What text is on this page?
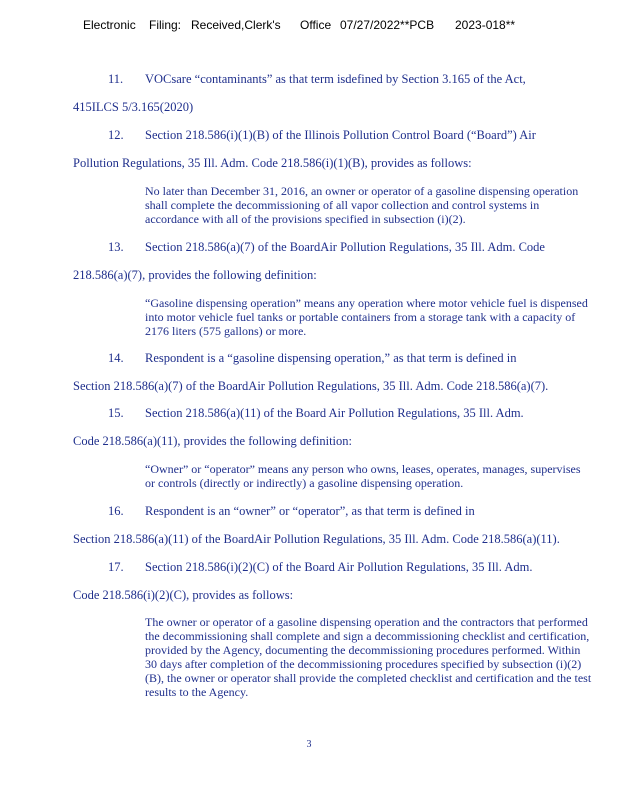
Electronic Filing: Received,Clerk's Office 07/27/2022**PCB 2023-018**
11. VOCsare “contaminants” as that term isdefined by Section 3.165 of the Act,
415ILCS 5/3.165(2020)
12. Section 218.586(i)(1)(B) of the Illinois Pollution Control Board (“Board”) Air
Pollution Regulations, 35 Ill. Adm. Code 218.586(i)(1)(B), provides as follows:
No later than December 31, 2016, an owner or operator of a gasoline dispensing operation shall complete the decommissioning of all vapor collection and control systems in accordance with all of the provisions specified in subsection (i)(2).
13. Section 218.586(a)(7) of the BoardAir Pollution Regulations, 35 Ill. Adm. Code
218.586(a)(7), provides the following definition:
“Gasoline dispensing operation” means any operation where motor vehicle fuel is dispensed into motor vehicle fuel tanks or portable containers from a storage tank with a capacity of 2176 liters (575 gallons) or more.
14. Respondent is a “gasoline dispensing operation,” as that term is defined in
Section 218.586(a)(7) of the BoardAir Pollution Regulations, 35 Ill. Adm. Code 218.586(a)(7).
15. Section 218.586(a)(11) of the Board Air Pollution Regulations, 35 Ill. Adm.
Code 218.586(a)(11), provides the following definition:
“Owner” or “operator” means any person who owns, leases, operates, manages, supervises or controls (directly or indirectly) a gasoline dispensing operation.
16. Respondent is an “owner” or “operator”, as that term is defined in
Section 218.586(a)(11) of the BoardAir Pollution Regulations, 35 Ill. Adm. Code 218.586(a)(11).
17. Section 218.586(i)(2)(C) of the Board Air Pollution Regulations, 35 Ill. Adm.
Code 218.586(i)(2)(C), provides as follows:
The owner or operator of a gasoline dispensing operation and the contractors that performed the decommissioning shall complete and sign a decommissioning checklist and certification, provided by the Agency, documenting the decommissioning procedures performed. Within 30 days after completion of the decommissioning procedures specified by subsection (i)(2)(B), the owner or operator shall provide the completed checklist and certification and the test results to the Agency.
3
